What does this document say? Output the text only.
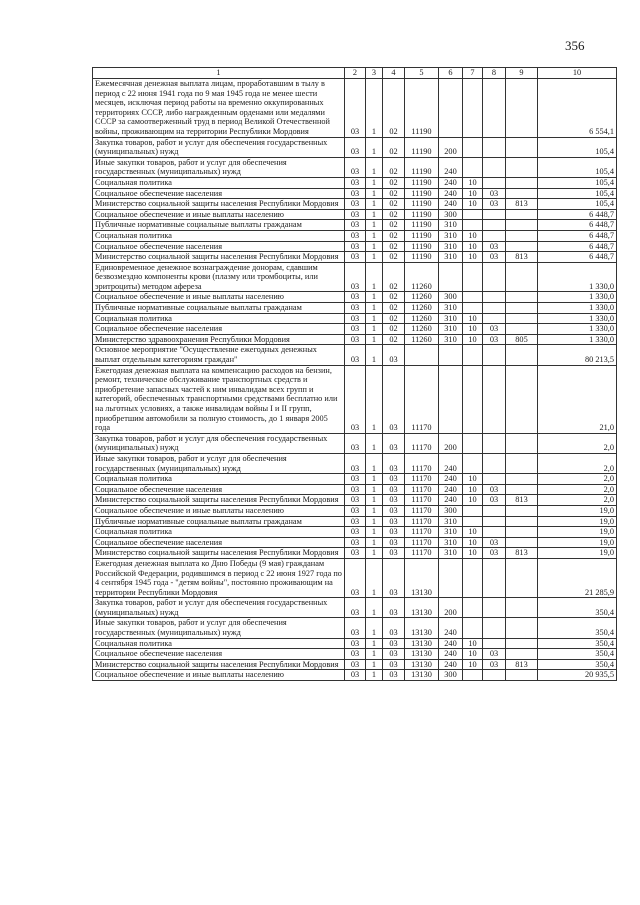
356
1	2	3	4	5	6	7	8	9	10
Ежемесячная денежная выплата лицам, проработавшим в тылу в период с 22 июня 1941 года по 9 мая 1945 года не менее шести месяцев, исключая период работы на временно оккупированных территориях СССР, либо награжденным орденами или медалями СССР за самоотверженный труд в период Великой Отечественной войны, проживающим на территории Республики Мордовия	03	1	02	11190					6 554,1
Закупка товаров, работ и услуг для обеспечения государственных (муниципальных) нужд	03	1	02	11190	200				105,4
Иные закупки товаров, работ и услуг для обеспечения государственных (муниципальных) нужд	03	1	02	11190	240				105,4
Социальная политика	03	1	02	11190	240	10			105,4
Социальное обеспечение населения	03	1	02	11190	240	10	03		105,4
Министерство социальной защиты населения Республики Мордовия	03	1	02	11190	240	10	03	813	105,4
Социальное обеспечение и иные выплаты населению	03	1	02	11190	300				6 448,7
Публичные нормативные социальные выплаты гражданам	03	1	02	11190	310				6 448,7
Социальная политика	03	1	02	11190	310	10			6 448,7
Социальное обеспечение населения	03	1	02	11190	310	10	03		6 448,7
Министерство социальной защиты населения Республики Мордовия	03	1	02	11190	310	10	03	813	6 448,7
Единовременное денежное вознаграждение донорам, сдавшим безвозмездно компоненты крови (плазму или тромбоциты, или эритроциты) методом афереза	03	1	02	11260					1 330,0
Социальное обеспечение и иные выплаты населению	03	1	02	11260	300				1 330,0
Публичные нормативные социальные выплаты гражданам	03	1	02	11260	310				1 330,0
Социальная политика	03	1	02	11260	310	10			1 330,0
Социальное обеспечение населения	03	1	02	11260	310	10	03		1 330,0
Министерство здравоохранения Республики Мордовия	03	1	02	11260	310	10	03	805	1 330,0
Основное мероприятие "Осуществление ежегодных денежных выплат отдельным категориям граждан"	03	1	03						80 213,5
Ежегодная денежная выплата на компенсацию расходов на бензин, ремонт, техническое обслуживание транспортных средств и приобретение запасных частей к ним инвалидам всех групп и категорий, обеспеченных транспортными средствами бесплатно или на льготных условиях, а также инвалидам войны I и II групп, приобретшим автомобили за полную стоимость, до 1 января 2005 года	03	1	03	11170					21,0
Закупка товаров, работ и услуг для обеспечения государственных (муниципальных) нужд	03	1	03	11170	200				2,0
Иные закупки товаров, работ и услуг для обеспечения государственных (муниципальных) нужд	03	1	03	11170	240				2,0
Социальная политика	03	1	03	11170	240	10			2,0
Социальное обеспечение населения	03	1	03	11170	240	10	03		2,0
Министерство социальной защиты населения Республики Мордовия	03	1	03	11170	240	10	03	813	2,0
Социальное обеспечение и иные выплаты населению	03	1	03	11170	300				19,0
Публичные нормативные социальные выплаты гражданам	03	1	03	11170	310				19,0
Социальная политика	03	1	03	11170	310	10			19,0
Социальное обеспечение населения	03	1	03	11170	310	10	03		19,0
Министерство социальной защиты населения Республики Мордовия	03	1	03	11170	310	10	03	813	19,0
Ежегодная денежная выплата ко Дню Победы (9 мая) гражданам Российской Федерации, родившимся в период с 22 июня 1927 года по 4 сентября 1945 года - "детям войны", постоянно проживающим на территории Республики Мордовия	03	1	03	13130					21 285,9
Закупка товаров, работ и услуг для обеспечения государственных (муниципальных) нужд	03	1	03	13130	200				350,4
Иные закупки товаров, работ и услуг для обеспечения государственных (муниципальных) нужд	03	1	03	13130	240				350,4
Социальная политика	03	1	03	13130	240	10			350,4
Социальное обеспечение населения	03	1	03	13130	240	10	03		350,4
Министерство социальной защиты населения Республики Мордовия	03	1	03	13130	240	10	03	813	350,4
Социальное обеспечение и иные выплаты населению	03	1	03	13130	300				20 935,5
